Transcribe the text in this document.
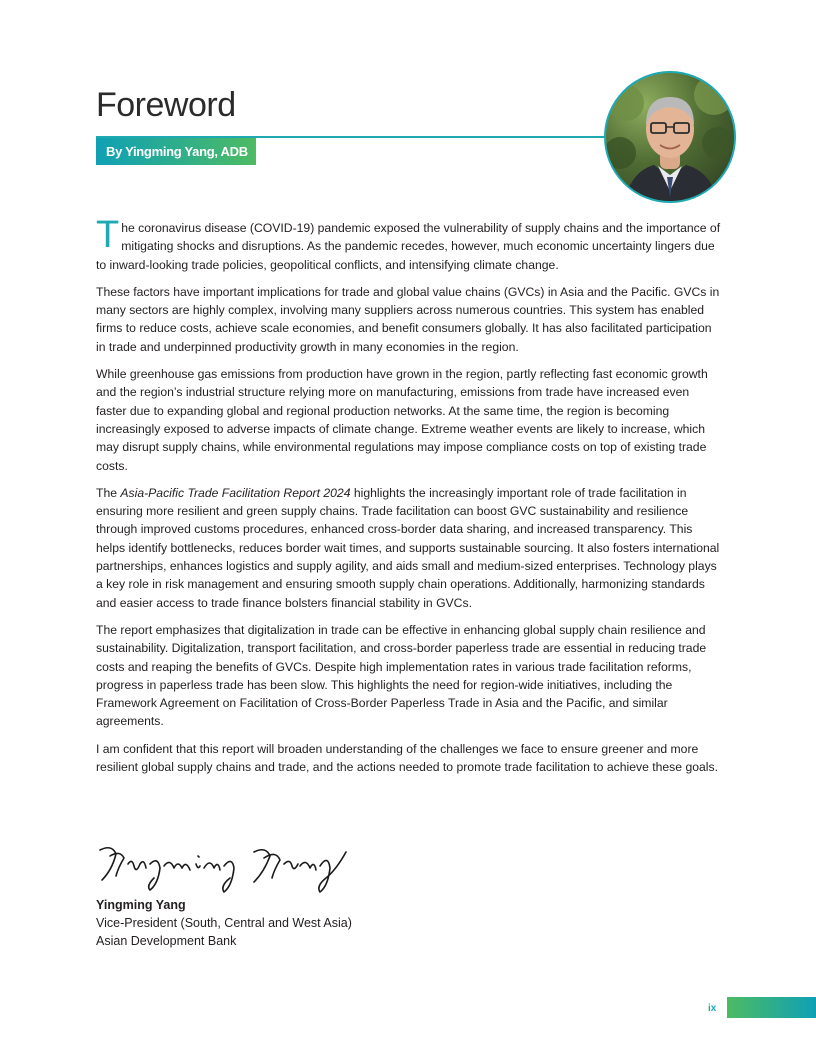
Foreword
By Yingming Yang, ADB

The coronavirus disease (COVID-19) pandemic exposed the vulnerability of supply chains and the importance of mitigating shocks and disruptions. As the pandemic recedes, however, much economic uncertainty lingers due to inward-looking trade policies, geopolitical conflicts, and intensifying climate change.

These factors have important implications for trade and global value chains (GVCs) in Asia and the Pacific. GVCs in many sectors are highly complex, involving many suppliers across numerous countries. This system has enabled firms to reduce costs, achieve scale economies, and benefit consumers globally. It has also facilitated participation in trade and underpinned productivity growth in many economies in the region.

While greenhouse gas emissions from production have grown in the region, partly reflecting fast economic growth and the region’s industrial structure relying more on manufacturing, emissions from trade have increased even faster due to expanding global and regional production networks. At the same time, the region is becoming increasingly exposed to adverse impacts of climate change. Extreme weather events are likely to increase, which may disrupt supply chains, while environmental regulations may impose compliance costs on top of existing trade costs.

The Asia-Pacific Trade Facilitation Report 2024 highlights the increasingly important role of trade facilitation in ensuring more resilient and green supply chains. Trade facilitation can boost GVC sustainability and resilience through improved customs procedures, enhanced cross-border data sharing, and increased transparency. This helps identify bottlenecks, reduces border wait times, and supports sustainable sourcing. It also fosters international partnerships, enhances logistics and supply agility, and aids small and medium-sized enterprises. Technology plays a key role in risk management and ensuring smooth supply chain operations. Additionally, harmonizing standards and easier access to trade finance bolsters financial stability in GVCs.

The report emphasizes that digitalization in trade can be effective in enhancing global supply chain resilience and sustainability. Digitalization, transport facilitation, and cross-border paperless trade are essential in reducing trade costs and reaping the benefits of GVCs. Despite high implementation rates in various trade facilitation reforms, progress in paperless trade has been slow. This highlights the need for region-wide initiatives, including the Framework Agreement on Facilitation of Cross-Border Paperless Trade in Asia and the Pacific, and similar agreements.

I am confident that this report will broaden understanding of the challenges we face to ensure greener and more resilient global supply chains and trade, and the actions needed to promote trade facilitation to achieve these goals.

Yingming Yang
Vice-President (South, Central and West Asia)
Asian Development Bank
ix
